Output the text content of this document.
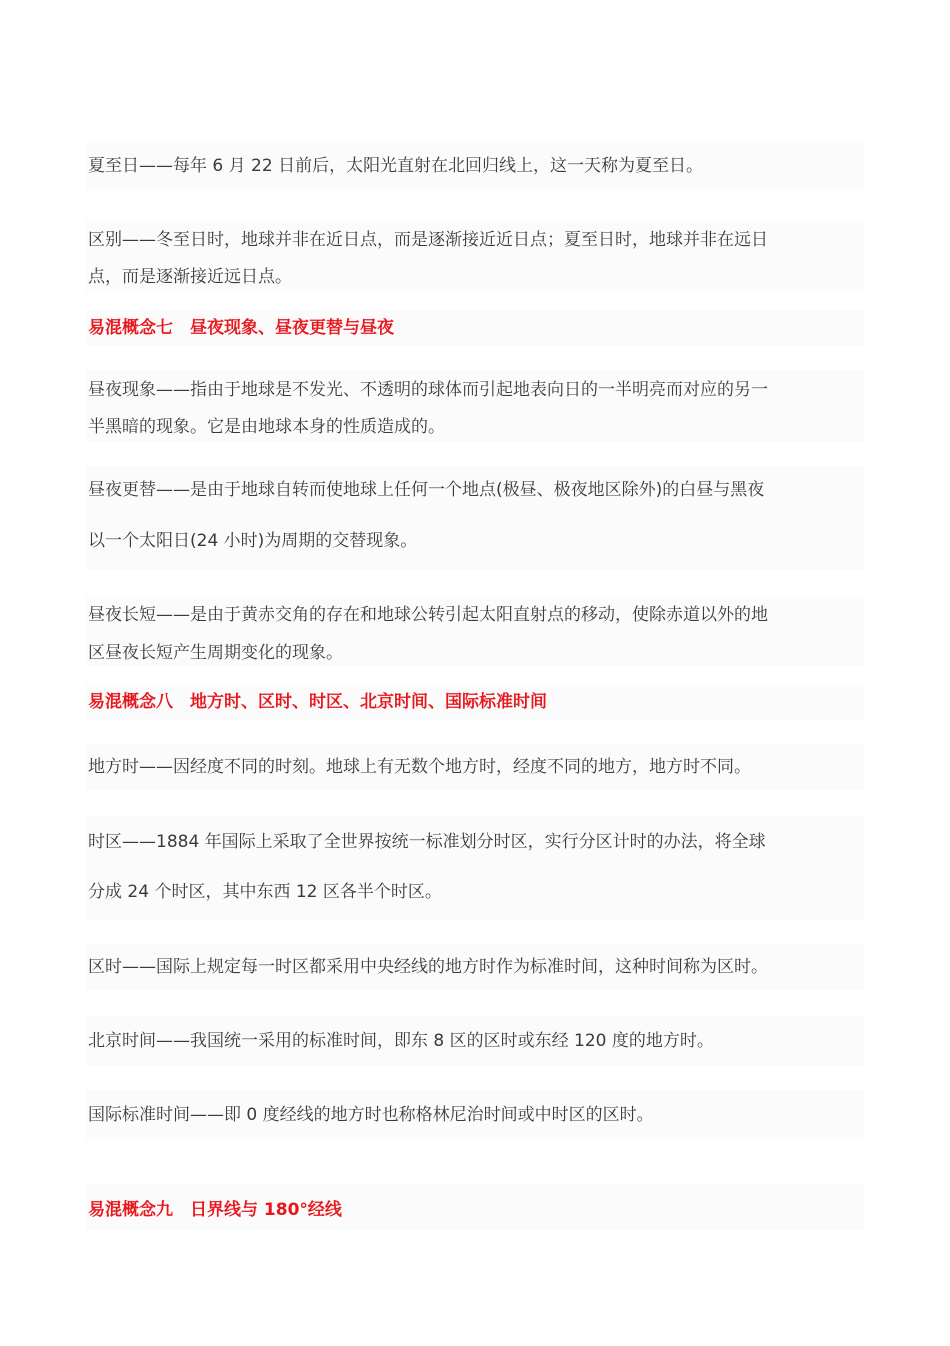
夏至日——每年 6 月 22 日前后，太阳光直射在北回归线上，这一天称为夏至日。
区别——冬至日时，地球并非在近日点，而是逐渐接近近日点；夏至日时，地球并非在远日
点，而是逐渐接近远日点。
易混概念七　昼夜现象、昼夜更替与昼夜
昼夜现象——指由于地球是不发光、不透明的球体而引起地表向日的一半明亮而对应的另一
半黑暗的现象。它是由地球本身的性质造成的。
昼夜更替——是由于地球自转而使地球上任何一个地点(极昼、极夜地区除外)的白昼与黑夜
以一个太阳日(24 小时)为周期的交替现象。
昼夜长短——是由于黄赤交角的存在和地球公转引起太阳直射点的移动，使除赤道以外的地
区昼夜长短产生周期变化的现象。
易混概念八　地方时、区时、时区、北京时间、国际标准时间
地方时——因经度不同的时刻。地球上有无数个地方时，经度不同的地方，地方时不同。
时区——1884 年国际上采取了全世界按统一标准划分时区，实行分区计时的办法，将全球
分成 24 个时区，其中东西 12 区各半个时区。
区时——国际上规定每一时区都采用中央经线的地方时作为标准时间，这种时间称为区时。
北京时间——我国统一采用的标准时间，即东 8 区的区时或东经 120 度的地方时。
国际标准时间——即 0 度经线的地方时也称格林尼治时间或中时区的区时。
易混概念九　日界线与 180°经线
